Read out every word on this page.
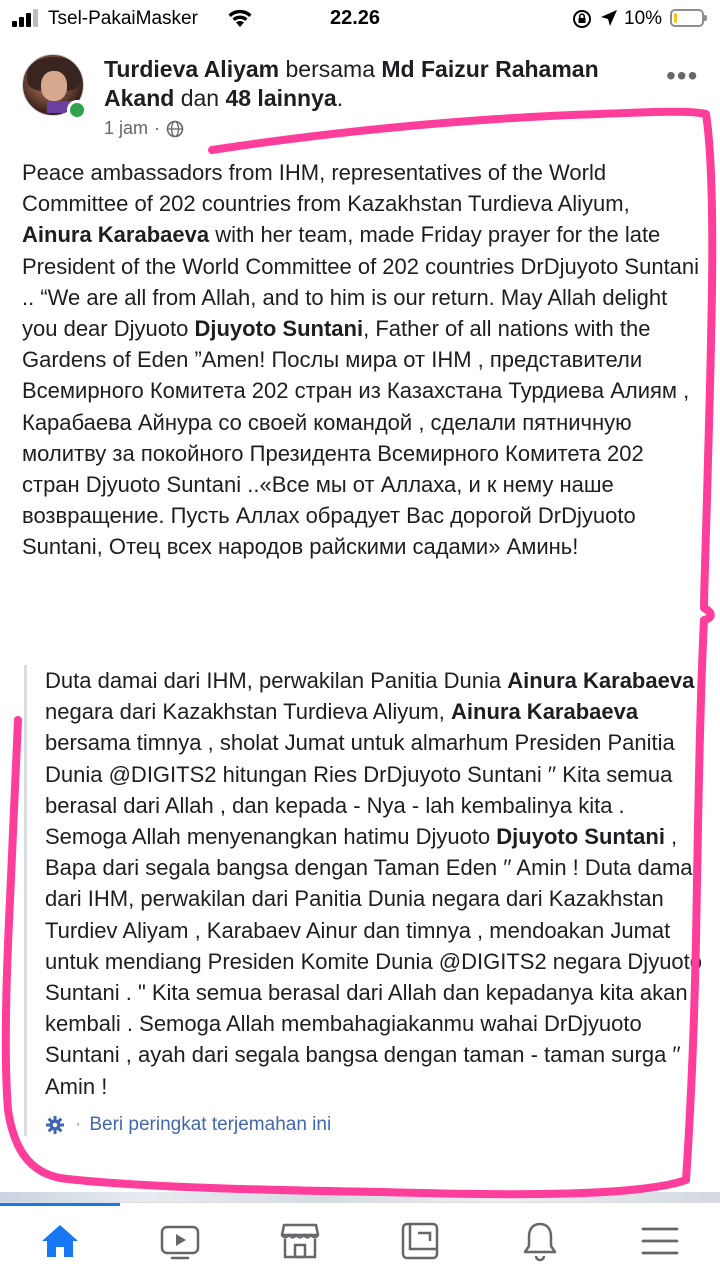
Tsel-PakaiMasker	22.26	10%
Turdieva Aliyam bersama Md Faizur Rahaman Akand dan 48 lainnya.
•••
1 jam ·
Peace ambassadors from IHM, representatives of the World Committee of 202 countries from Kazakhstan Turdieva Aliyum, Ainura Karabaeva with her team, made Friday prayer for the late President of the World Committee of 202 countries DrDjuyoto Suntani .. “We are all from Allah, and to him is our return. May Allah delight you dear Djyuoto Djuyoto Suntani, Father of all nations with the Gardens of Eden ”Amen! Послы мира от IHM , представители Всемирного Комитета 202 стран из Казахстана Турдиева Алиям , Карабаева Айнура со своей командой , сделали пятничную молитву за покойного Президента Всемирного Комитета 202 стран Djyuoto Suntani ..«Все мы от Аллаха, и к нему наше возвращение. Пусть Аллах обрадует Вас дорогой DrDjyuoto Suntani, Отец всех народов райскими садами» Аминь!
Duta damai dari IHM, perwakilan Panitia Dunia Ainura Karabaeva negara dari Kazakhstan Turdieva Aliyum, Ainura Karabaeva bersama timnya , sholat Jumat untuk almarhum Presiden Panitia Dunia @DIGITS2 hitungan Ries DrDjuyoto Suntani ′′ Kita semua berasal dari Allah , dan kepada - Nya - lah kembalinya kita . Semoga Allah menyenangkan hatimu Djyuoto Djuyoto Suntani , Bapa dari segala bangsa dengan Taman Eden ′′ Amin ! Duta damai dari IHM, perwakilan dari Panitia Dunia negara dari Kazakhstan Turdiev Aliyam , Karabaev Ainur dan timnya , mendoakan Jumat untuk mendiang Presiden Komite Dunia @DIGITS2 negara Djyuoto Suntani . " Kita semua berasal dari Allah dan kepadanya kita akan kembali . Semoga Allah membahagiakanmu wahai DrDjyuoto Suntani , ayah dari segala bangsa dengan taman - taman surga ′′ Amin !
· Beri peringkat terjemahan ini
